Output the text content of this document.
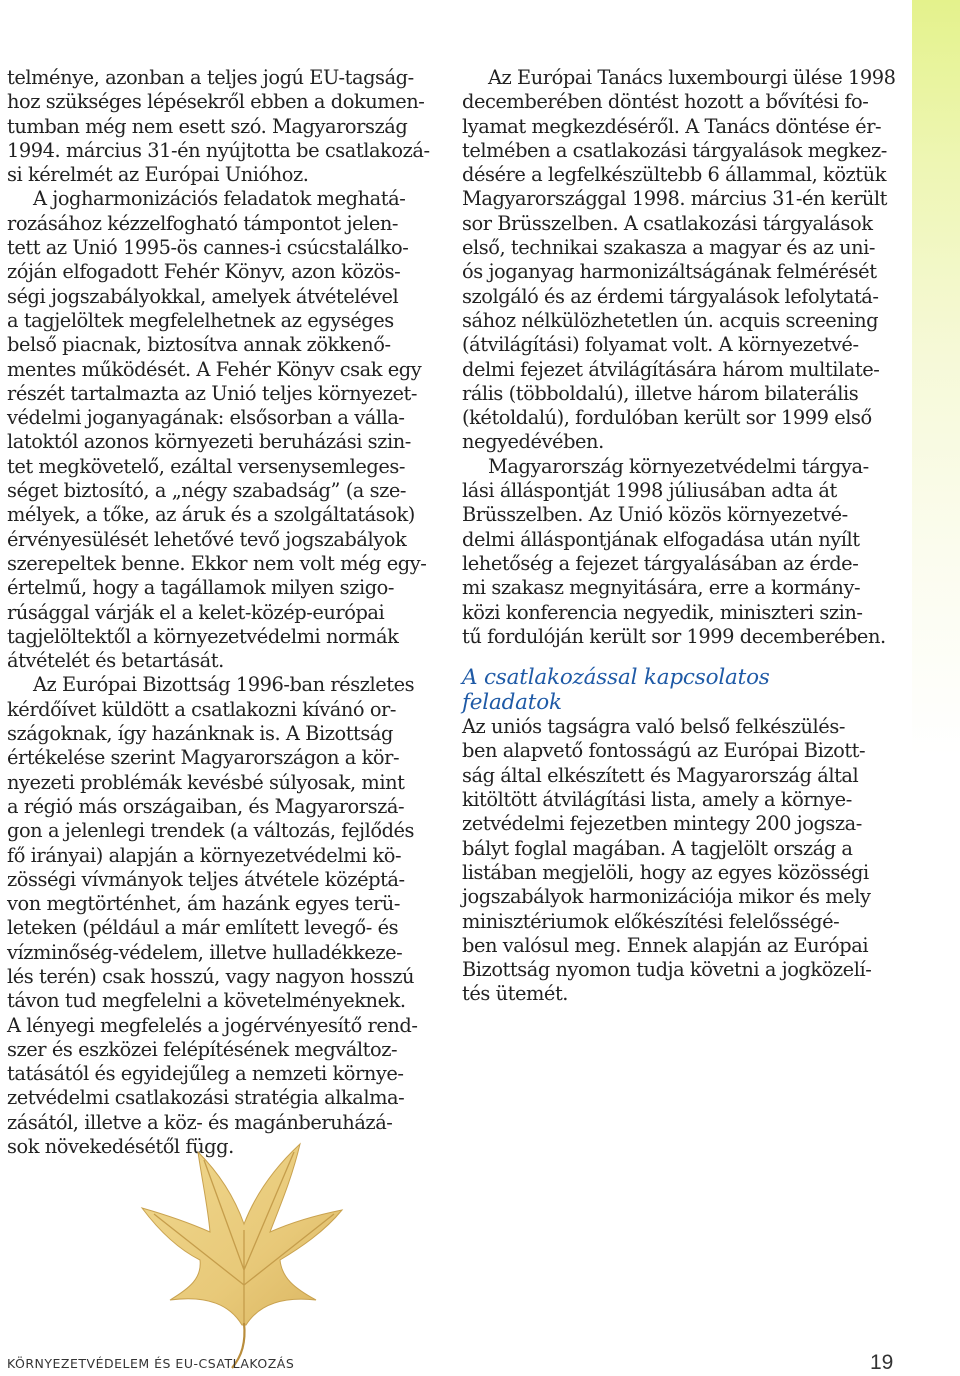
telménye, azonban a teljes jogú EU-tagság-
hoz szükséges lépésekről ebben a dokumen-
tumban még nem esett szó. Magyarország
1994. március 31-én nyújtotta be csatlakozá-
si kérelmét az Európai Unióhoz.
A jogharmonizációs feladatok meghatá-
rozásához kézzelfogható támpontot jelen-
tett az Unió 1995-ös cannes-i csúcstalálko-
zóján elfogadott Fehér Könyv, azon közös-
ségi jogszabályokkal, amelyek átvételével
a tagjelöltek megfelelhetnek az egységes
belső piacnak, biztosítva annak zökkenő-
mentes működését. A Fehér Könyv csak egy
részét tartalmazta az Unió teljes környezet-
védelmi joganyagának: elsősorban a válla-
latoktól azonos környezeti beruházási szin-
tet megkövetelő, ezáltal versenysemleges-
séget biztosító, a „négy szabadság” (a sze-
mélyek, a tőke, az áruk és a szolgáltatások)
érvényesülését lehetővé tevő jogszabályok
szerepeltek benne. Ekkor nem volt még egy-
értelmű, hogy a tagállamok milyen szigo-
rúsággal várják el a kelet-közép-európai
tagjelöltektől a környezetvédelmi normák
átvételét és betartását.
Az Európai Bizottság 1996-ban részletes
kérdőívet küldött a csatlakozni kívánó or-
szágoknak, így hazánknak is. A Bizottság
értékelése szerint Magyarországon a kör-
nyezeti problémák kevésbé súlyosak, mint
a régió más országaiban, és Magyarorszá-
gon a jelenlegi trendek (a változás, fejlődés
fő irányai) alapján a környezetvédelmi kö-
zösségi vívmányok teljes átvétele középtá-
von megtörténhet, ám hazánk egyes terü-
leteken (például a már említett levegő- és
vízminőség-védelem, illetve hulladékkeze-
lés terén) csak hosszú, vagy nagyon hosszú
távon tud megfelelni a követelményeknek.
A lényegi megfelelés a jogérvényesítő rend-
szer és eszközei felépítésének megváltoz-
tatásától és egyidejűleg a nemzeti környe-
zetvédelmi csatlakozási stratégia alkalma-
zásától, illetve a köz- és magánberuházá-
sok növekedésétől függ.
Az Európai Tanács luxembourgi ülése 1998
decemberében döntést hozott a bővítési fo-
lyamat megkezdéséről. A Tanács döntése ér-
telmében a csatlakozási tárgyalások megkez-
désére a legfelkészültebb 6 állammal, köztük
Magyarországgal 1998. március 31-én került
sor Brüsszelben. A csatlakozási tárgyalások
első, technikai szakasza a magyar és az uni-
ós joganyag harmonizáltságának felmérését
szolgáló és az érdemi tárgyalások lefolytatá-
sához nélkülözhetetlen ún. acquis screening
(átvilágítási) folyamat volt. A környezetvé-
delmi fejezet átvilágítására három multilate-
rális (többoldalú), illetve három bilaterális
(kétoldalú), fordulóban került sor 1999 első
negyedévében.
Magyarország környezetvédelmi tárgya-
lási álláspontját 1998 júliusában adta át
Brüsszelben. Az Unió közös környezetvé-
delmi álláspontjának elfogadása után nyílt
lehetőség a fejezet tárgyalásában az érde-
mi szakasz megnyitására, erre a kormány-
közi konferencia negyedik, miniszteri szin-
tű fordulóján került sor 1999 decemberében.
A csatlakozással kapcsolatos
feladatok
Az uniós tagságra való belső felkészülés-
ben alapvető fontosságú az Európai Bizott-
ság által elkészített és Magyarország által
kitöltött átvilágítási lista, amely a környe-
zetvédelmi fejezetben mintegy 200 jogsza-
bályt foglal magában. A tagjelölt ország a
listában megjelöli, hogy az egyes közösségi
jogszabályok harmonizációja mikor és mely
minisztériumok előkészítési felelősségé-
ben valósul meg. Ennek alapján az Európai
Bizottság nyomon tudja követni a jogközelí-
tés ütemét.
KÖRNYEZETVÉDELEM ÉS EU-CSATLAKOZÁS	19
